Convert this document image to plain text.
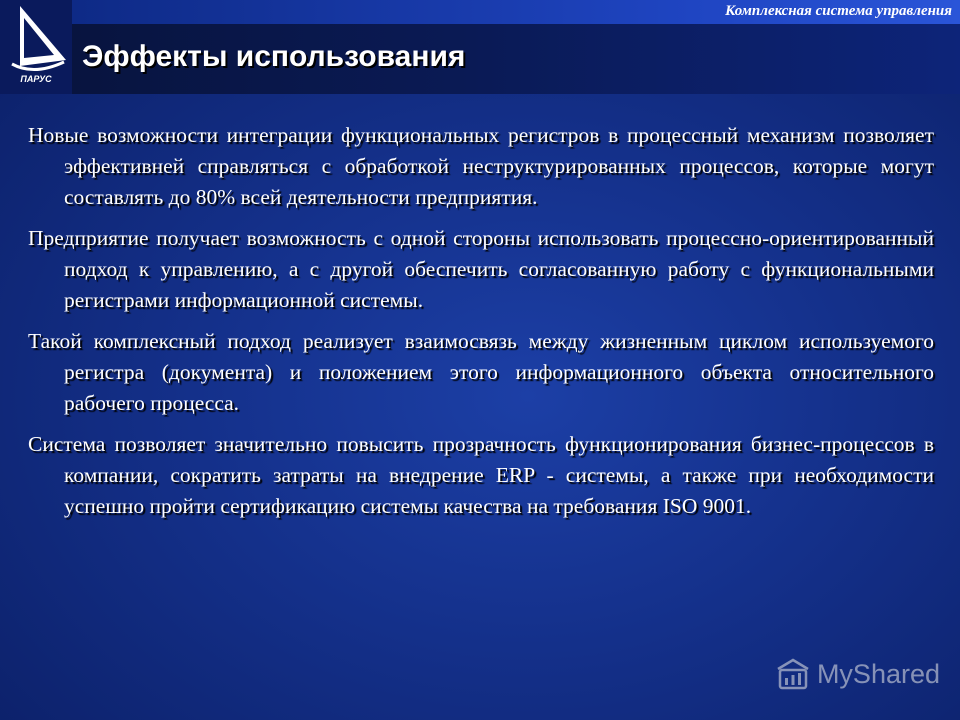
ПАРУС
Комплексная система управления
Эффекты использования

Новые возможности интеграции функциональных регистров в процессный механизм позволяет эффективней справляться с обработкой неструктурированных процессов, которые могут составлять до 80% всей деятельности предприятия.

Предприятие получает возможность с одной стороны использовать процессно-ориентированный подход к управлению, а с другой обеспечить согласованную работу с функциональными регистрами информационной системы.

Такой комплексный подход реализует взаимосвязь между жизненным циклом используемого регистра (документа) и положением этого информационного объекта относительного рабочего процесса.

Система позволяет значительно повысить прозрачность функционирования бизнес-процессов в компании, сократить затраты на внедрение ERP - системы, а также при необходимости успешно пройти сертификацию системы качества на требования ISO 9001.

MyShared
